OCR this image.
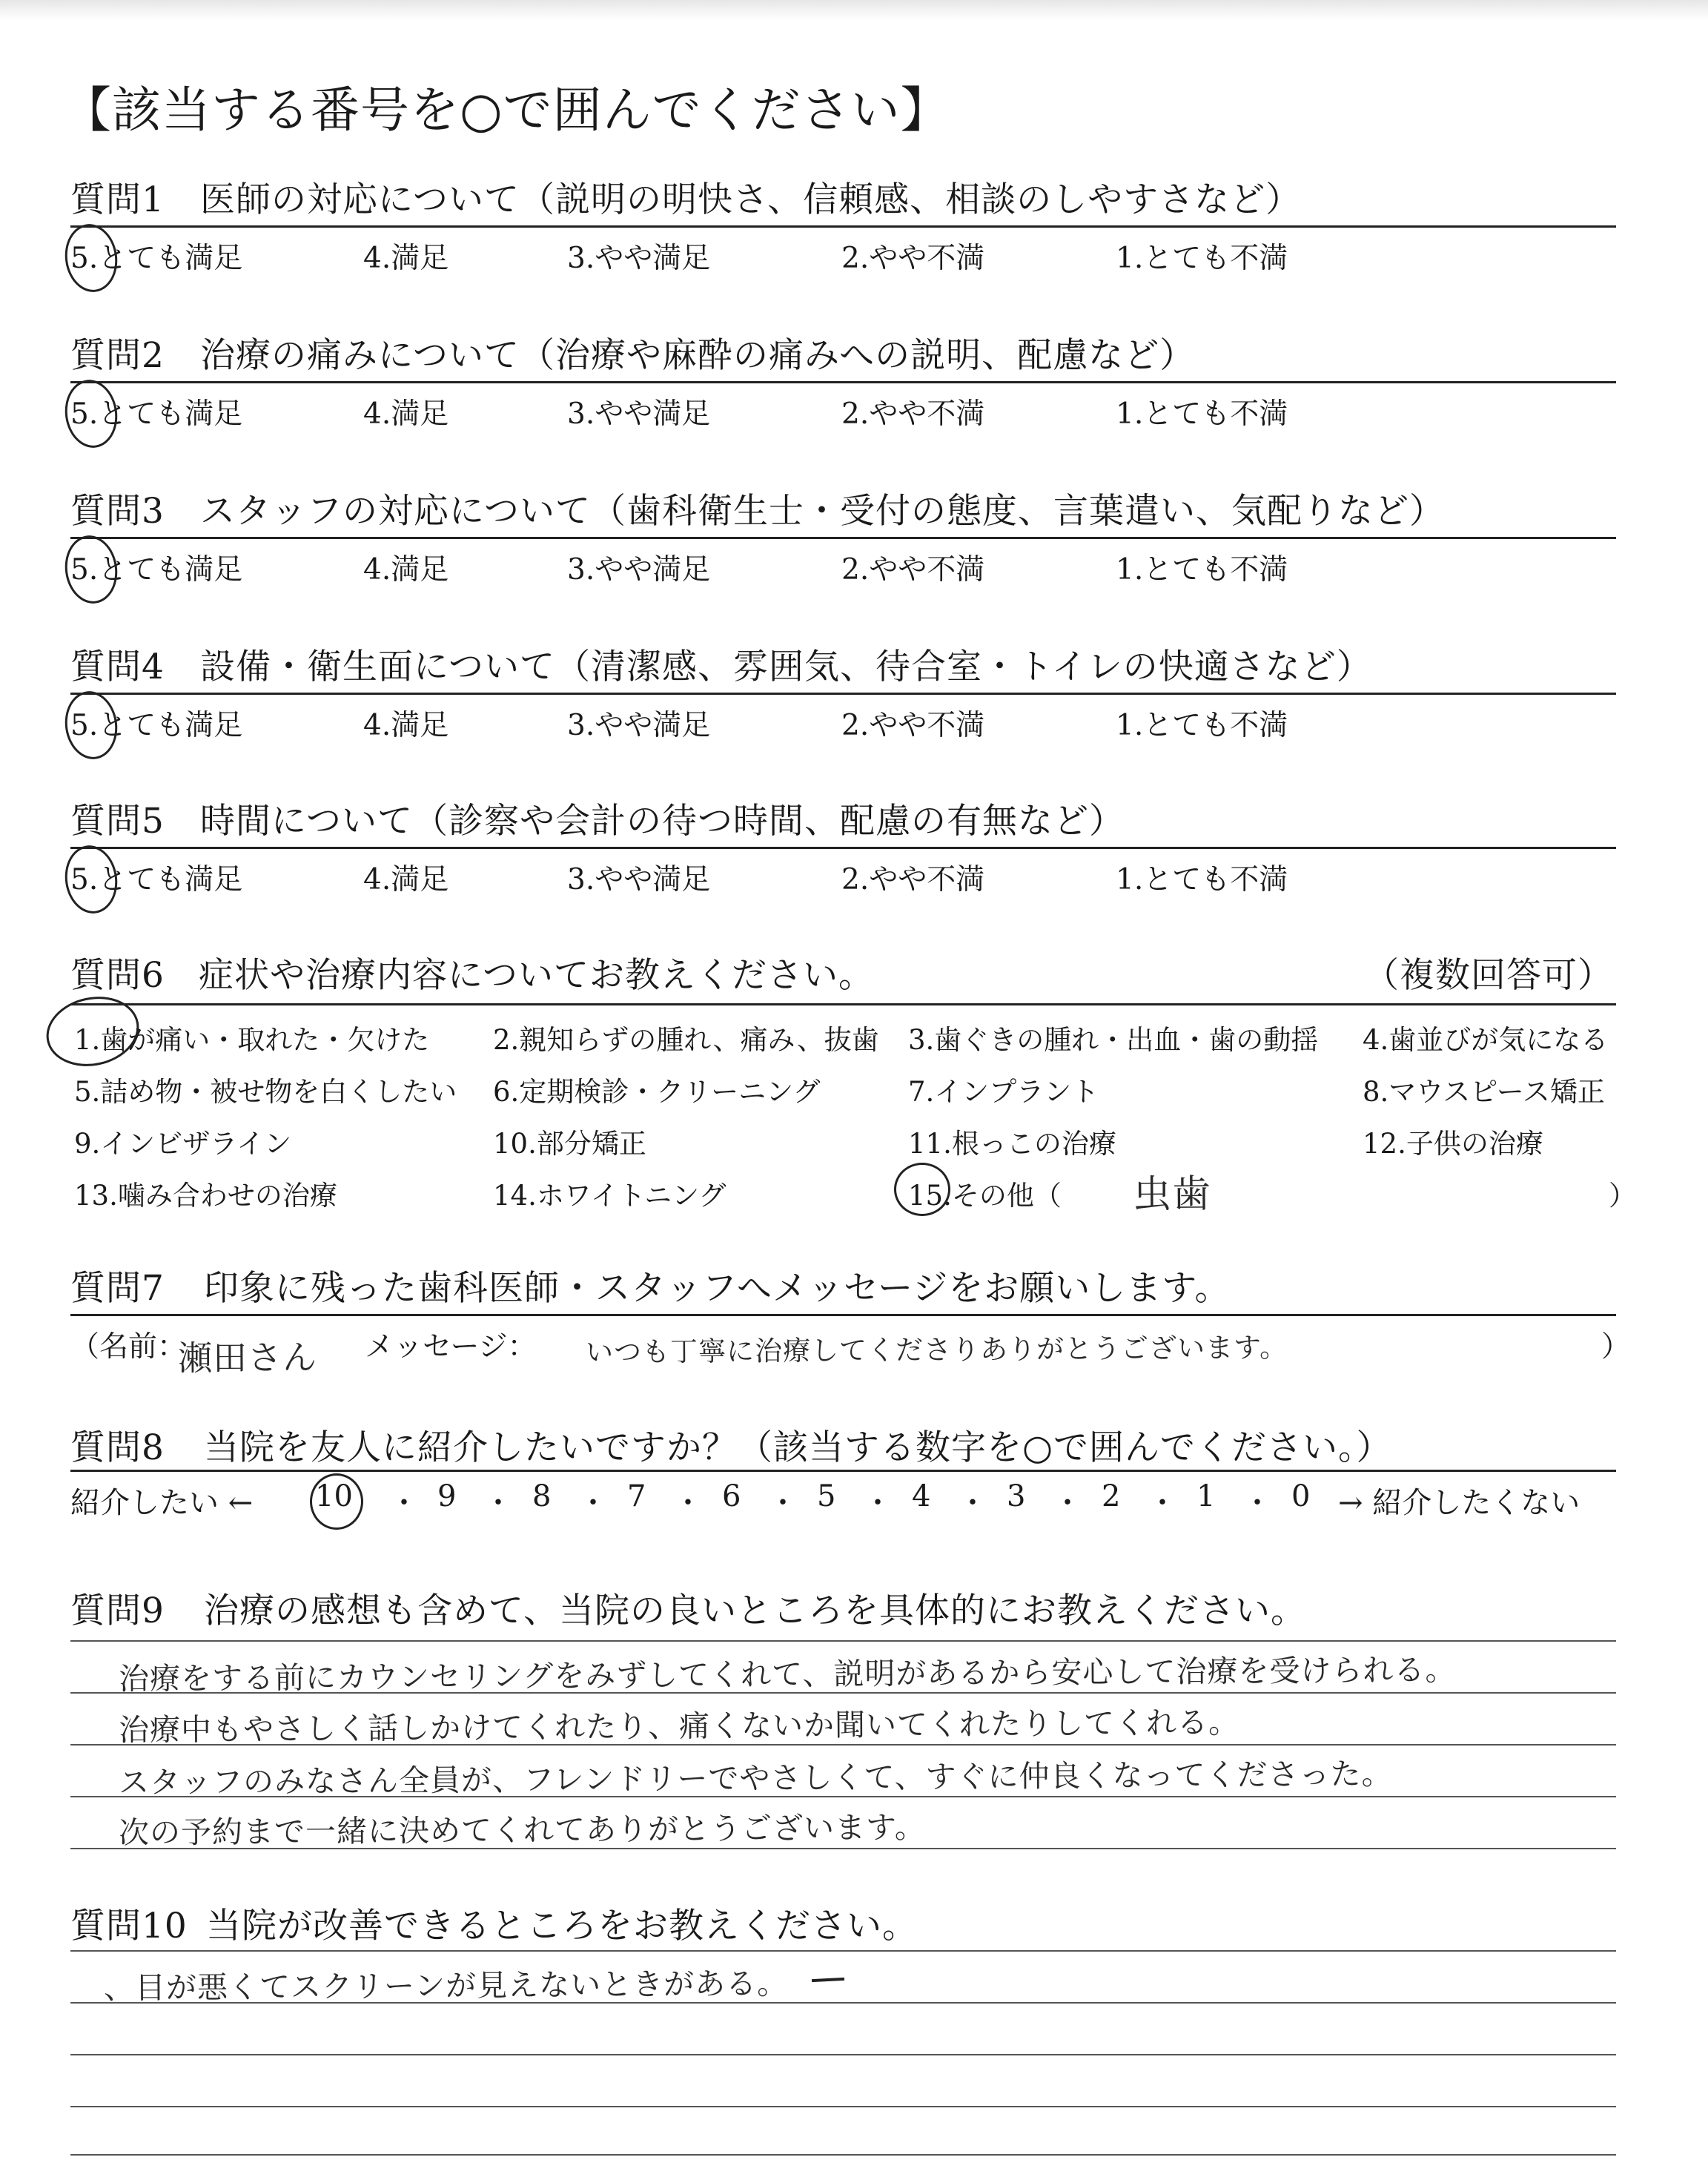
【該当する番号を○で囲んでください】
質問1 医師の対応について（説明の明快さ、信頼感、相談のしやすさなど）
5.とても満足	4.満足	3.やや満足	2.やや不満	1.とても不満
質問2 治療の痛みについて（治療や麻酔の痛みへの説明、配慮など）
5.とても満足	4.満足	3.やや満足	2.やや不満	1.とても不満
質問3 スタッフの対応について（歯科衛生士・受付の態度、言葉遣い、気配りなど）
5.とても満足	4.満足	3.やや満足	2.やや不満	1.とても不満
質問4 設備・衛生面について（清潔感、雰囲気、待合室・トイレの快適さなど）
5.とても満足	4.満足	3.やや満足	2.やや不満	1.とても不満
質問5 時間について（診察や会計の待つ時間、配慮の有無など）
5.とても満足	4.満足	3.やや満足	2.やや不満	1.とても不満
質問6 症状や治療内容についてお教えください。	（複数回答可）
1.歯が痛い・取れた・欠けた 2.親知らずの腫れ、痛み、抜歯 3.歯ぐきの腫れ・出血・歯の動揺 4.歯並びが気になる
5.詰め物・被せ物を白くしたい 6.定期検診・クリーニング	7.インプラント	8.マウスピース矯正
9.インビザライン	10.部分矯正	11.根っこの治療	12.子供の治療
13.噛み合わせの治療	14.ホワイトニング	15.その他（	）
虫歯
質問7 印象に残った歯科医師・スタッフへメッセージをお願いします。
（名前：
瀬田さん メッセージ： いつも丁寧に治療してくださりありがとうございます。	）
質問8 当院を友人に紹介したいですか？（該当する数字を○で囲んでください。）
紹介したい ← 10 ・ 9 ・ 8 ・ 7 ・ 6 ・ 5 ・ 4 ・ 3 ・ 2 ・ 1 ・ 0 → 紹介したくない
質問9 治療の感想も含めて、当院の良いところを具体的にお教えください。
治療をする前にカウンセリングをみずしてくれて、説明があるから安心して治療を受けられる。
治療中もやさしく話しかけてくれたり、痛くないか聞いてくれたりしてくれる。
スタッフのみなさん全員が、フレンドリーでやさしくて、すぐに仲良くなってくださった。
次の予約まで一緒に決めてくれてありがとうございます。
質問10 当院が改善できるところをお教えください。
、目が悪くてスクリーンが見えないときがある。
